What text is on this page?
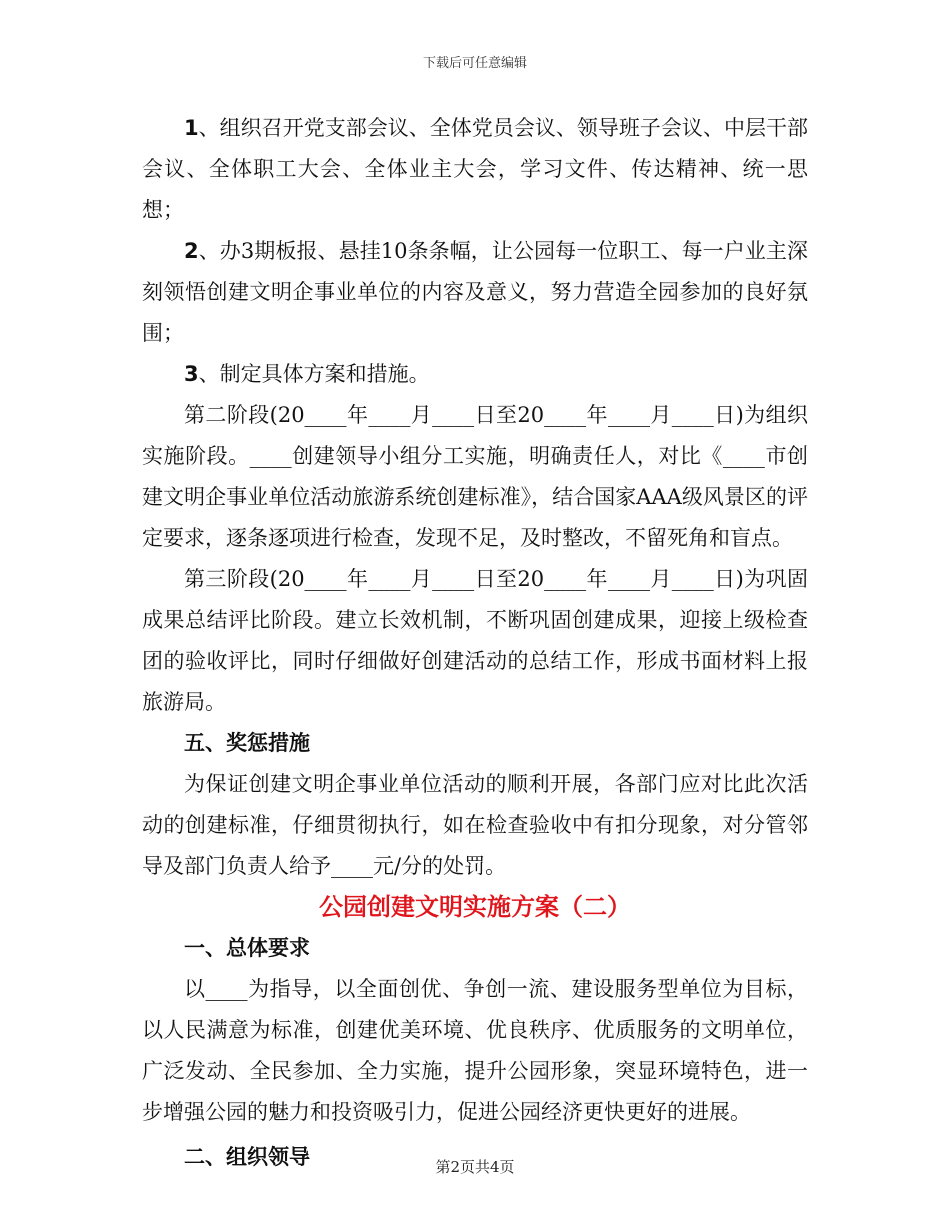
下载后可任意编辑

1、组织召开党支部会议、全体党员会议、领导班子会议、中层干部会议、全体职工大会、全体业主大会，学习文件、传达精神、统一思想；

2、办3期板报、悬挂10条条幅，让公园每一位职工、每一户业主深刻领悟创建文明企事业单位的内容及意义，努力营造全园参加的良好氛围；

3、制定具体方案和措施。

第二阶段(20____年____月____日至20____年____月____日)为组织实施阶段。____创建领导小组分工实施，明确责任人，对比《____市创建文明企事业单位活动旅游系统创建标准》，结合国家AAA级风景区的评定要求，逐条逐项进行检查，发现不足，及时整改，不留死角和盲点。

第三阶段(20____年____月____日至20____年____月____日)为巩固成果总结评比阶段。建立长效机制，不断巩固创建成果，迎接上级检查团的验收评比，同时仔细做好创建活动的总结工作，形成书面材料上报旅游局。

五、奖惩措施

为保证创建文明企事业单位活动的顺利开展，各部门应对比此次活动的创建标准，仔细贯彻执行，如在检查验收中有扣分现象，对分管邻导及部门负责人给予____元/分的处罚。

公园创建文明实施方案（二）

一、总体要求

以____为指导，以全面创优、争创一流、建设服务型单位为目标，以人民满意为标准，创建优美环境、优良秩序、优质服务的文明单位，广泛发动、全民参加、全力实施，提升公园形象，突显环境特色，进一步增强公园的魅力和投资吸引力，促进公园经济更快更好的进展。

二、组织领导	第2页共4页
